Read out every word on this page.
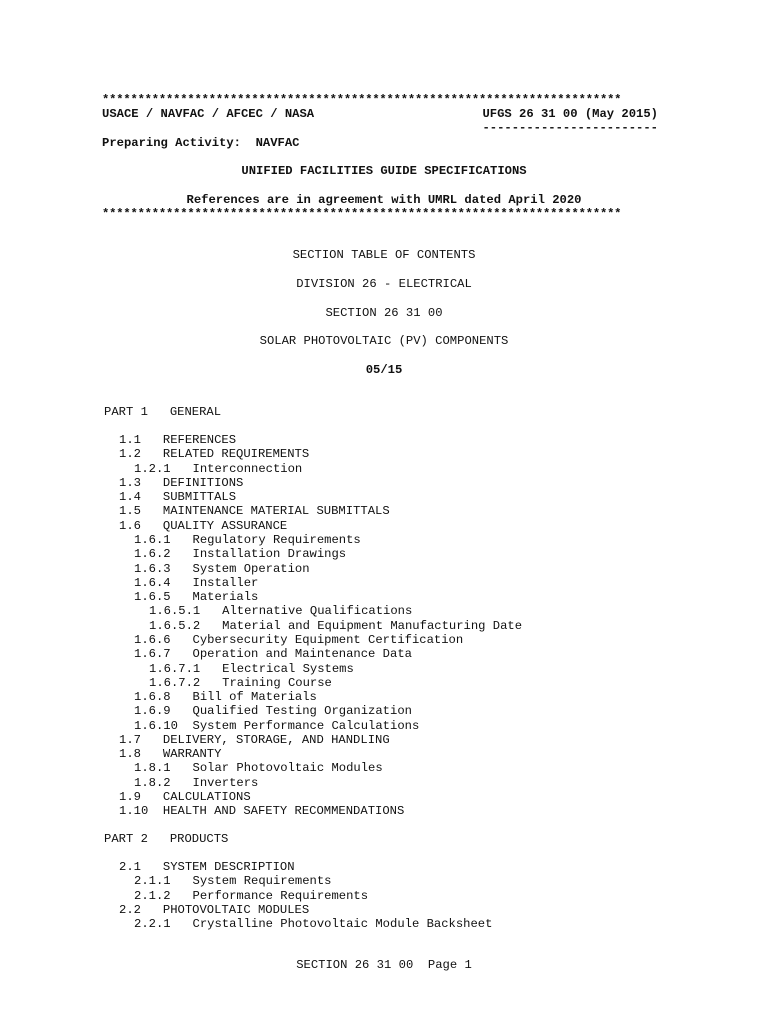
*************************************************************************
USACE / NAVFAC / AFCEC / NASA	UFGS 26 31 00 (May 2015)
------------------------
Preparing Activity: NAVFAC
UNIFIED FACILITIES GUIDE SPECIFICATIONS
References are in agreement with UMRL dated April 2020
*************************************************************************
SECTION TABLE OF CONTENTS
DIVISION 26 - ELECTRICAL
SECTION 26 31 00
SOLAR PHOTOVOLTAIC (PV) COMPONENTS
05/15
PART 1 GENERAL
1.1 REFERENCES
1.2 RELATED REQUIREMENTS
1.2.1 Interconnection
1.3 DEFINITIONS
1.4 SUBMITTALS
1.5 MAINTENANCE MATERIAL SUBMITTALS
1.6 QUALITY ASSURANCE
1.6.1 Regulatory Requirements
1.6.2 Installation Drawings
1.6.3 System Operation
1.6.4 Installer
1.6.5 Materials
1.6.5.1 Alternative Qualifications
1.6.5.2 Material and Equipment Manufacturing Date
1.6.6 Cybersecurity Equipment Certification
1.6.7 Operation and Maintenance Data
1.6.7.1 Electrical Systems
1.6.7.2 Training Course
1.6.8 Bill of Materials
1.6.9 Qualified Testing Organization
1.6.10 System Performance Calculations
1.7 DELIVERY, STORAGE, AND HANDLING
1.8 WARRANTY
1.8.1 Solar Photovoltaic Modules
1.8.2 Inverters
1.9 CALCULATIONS
1.10 HEALTH AND SAFETY RECOMMENDATIONS
PART 2 PRODUCTS
2.1 SYSTEM DESCRIPTION
2.1.1 System Requirements
2.1.2 Performance Requirements
2.2 PHOTOVOLTAIC MODULES
2.2.1 Crystalline Photovoltaic Module Backsheet
SECTION 26 31 00  Page 1
